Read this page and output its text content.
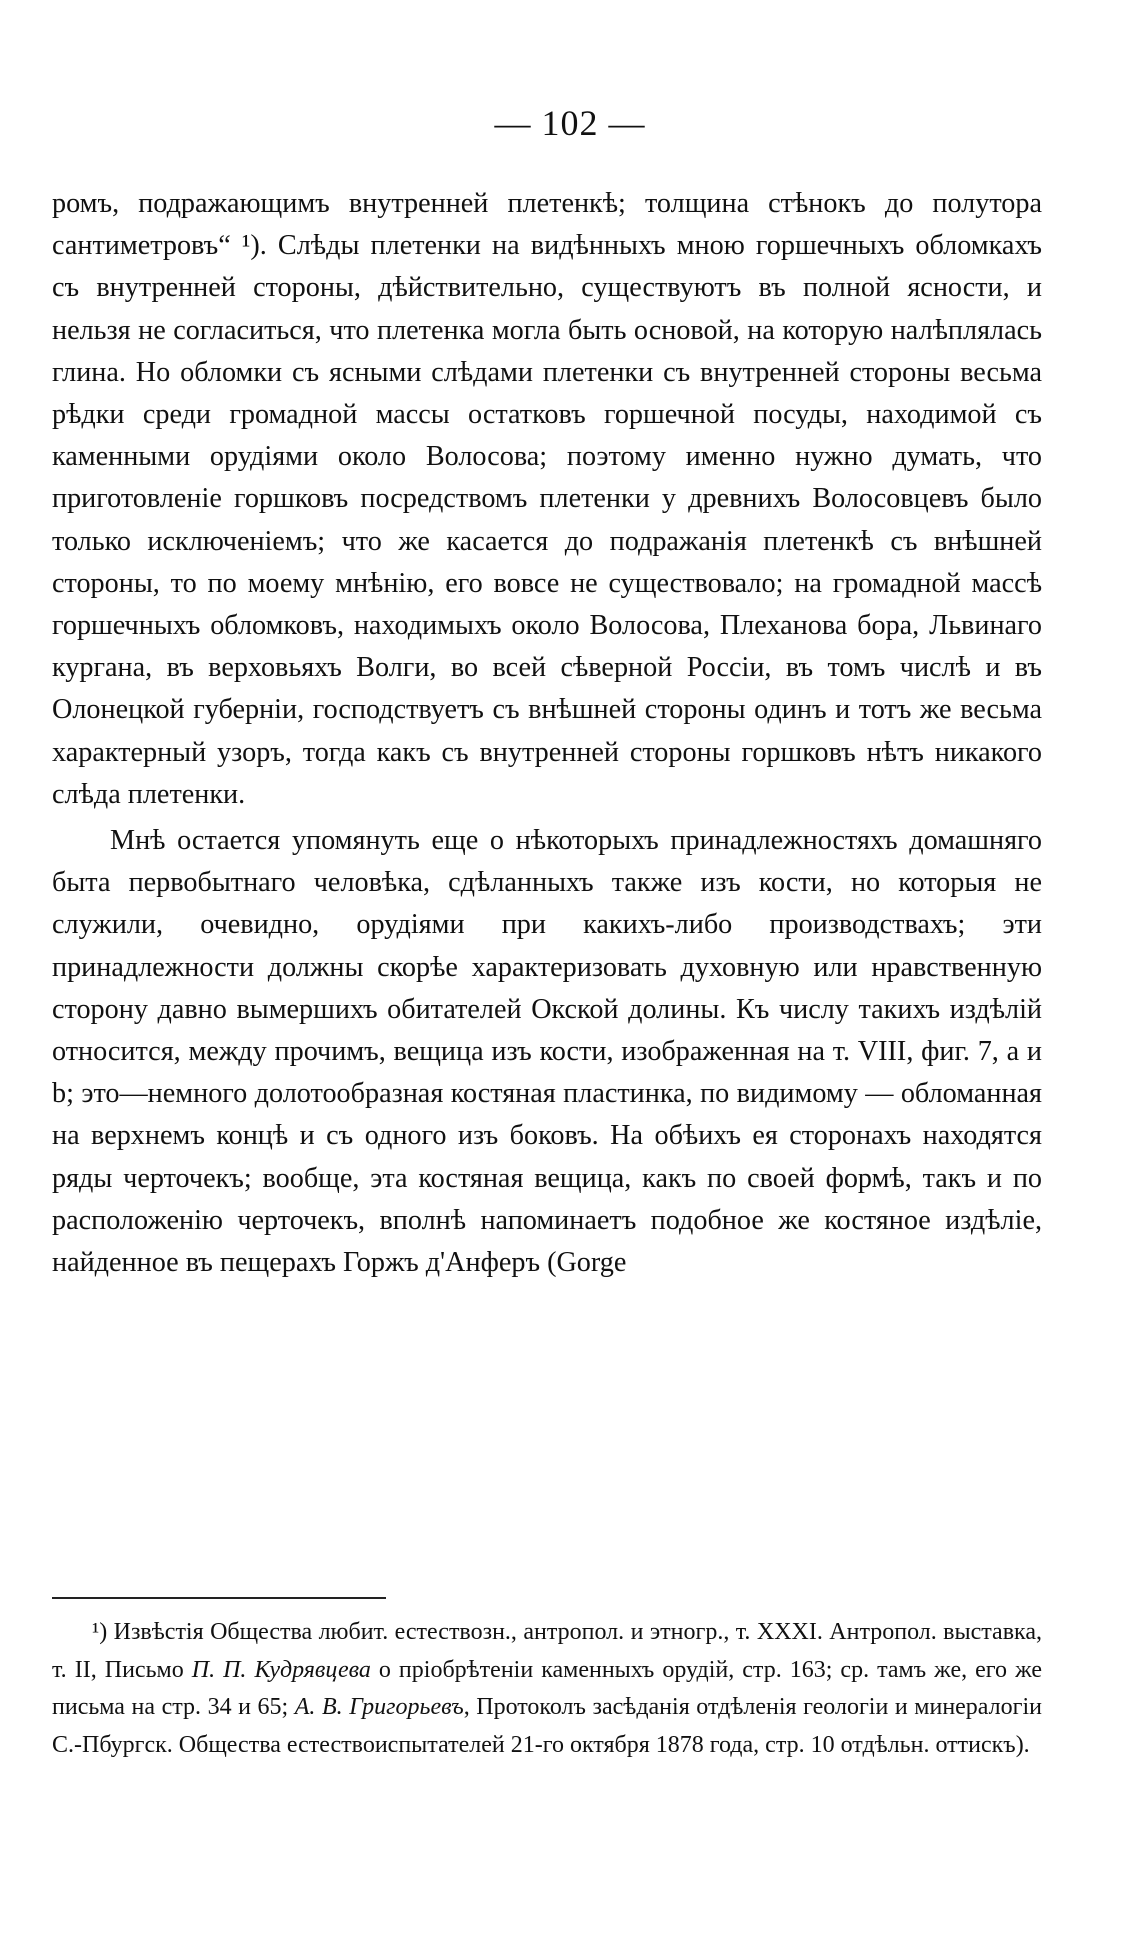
— 102 —

ромъ, подражающимъ внутренней плетенкѣ; толщина стѣнокъ до полутора сантиметровъ“ ¹). Слѣды плетенки на видѣнныхъ мною горшечныхъ обломкахъ съ внутренней стороны, дѣйствительно, существуютъ въ полной ясности, и нельзя не согласиться, что плетенка могла быть основой, на которую налѣплялась глина. Но обломки съ ясными слѣдами плетенки съ внутренней стороны весьма рѣдки среди громадной массы остатковъ горшечной посуды, находимой съ каменными орудіями около Волосова; поэтому именно нужно думать, что приготовленіе горшковъ посредствомъ плетенки у древнихъ Волосовцевъ было только исключеніемъ; что же касается до подражанія плетенкѣ съ внѣшней стороны, то по моему мнѣнію, его вовсе не существовало; на громадной массѣ горшечныхъ обломковъ, находимыхъ около Волосова, Плеханова бора, Львинаго кургана, въ верховьяхъ Волги, во всей сѣверной Россіи, въ томъ числѣ и въ Олонецкой губерніи, господствуетъ съ внѣшней стороны одинъ и тотъ же весьма характерный узоръ, тогда какъ съ внутренней стороны горшковъ нѣтъ никакого слѣда плетенки.

Мнѣ остается упомянуть еще о нѣкоторыхъ принадлежностяхъ домашняго быта первобытнаго человѣка, сдѣланныхъ также изъ кости, но которыя не служили, очевидно, орудіями при какихъ-либо производствахъ; эти принадлежности должны скорѣе характеризовать духовную или нравственную сторону давно вымершихъ обитателей Окской долины. Къ числу такихъ издѣлій относится, между прочимъ, вещица изъ кости, изображенная на т. VIII, фиг. 7, a и b; это—немного долотообразная костяная пластинка, по видимому — обломанная на верхнемъ концѣ и съ одного изъ боковъ. На обѣихъ ея сторонахъ находятся ряды черточекъ; вообще, эта костяная вещица, какъ по своей формѣ, такъ и по расположенію черточекъ, вполнѣ напоминаетъ подобное же костяное издѣліе, найденное въ пещерахъ Горжъ д'Анферъ (Gorge

¹) Извѣстія Общества любит. естествозн., антропол. и этногр., т. XXXI. Антропол. выставка, т. II, Письмо П. П. Кудрявцева о пріобрѣтеніи каменныхъ орудій, стр. 163; ср. тамъ же, его же письма на стр. 34 и 65; А. В. Григорьевъ, Протоколъ засѣданія отдѣленія геологіи и минералогіи С.-Пбургск. Общества естествоиспытателей 21-го октября 1878 года, стр. 10 отдѣльн. оттискъ).
